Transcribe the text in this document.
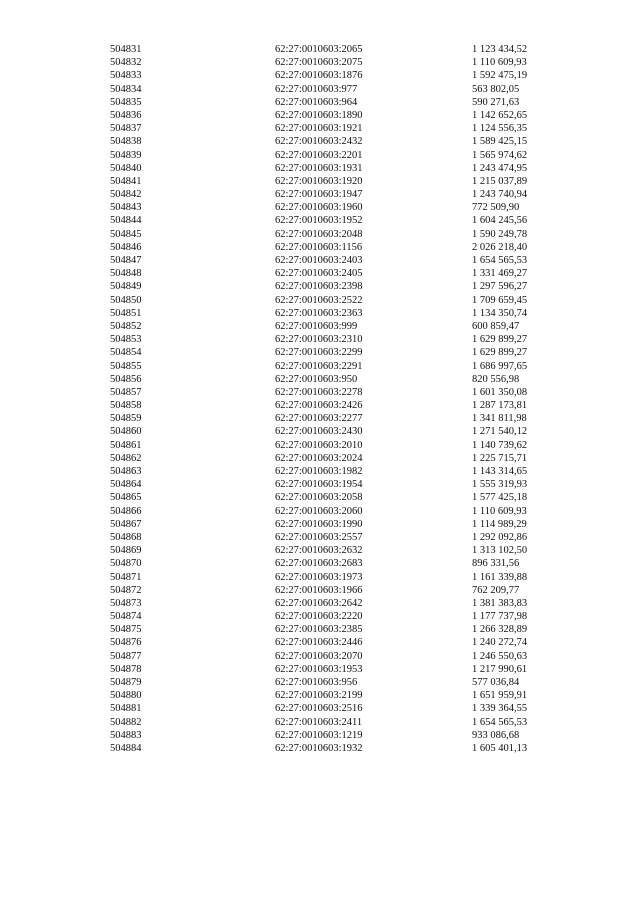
504831	62:27:0010603:2065	1 123 434,52
504832	62:27:0010603:2075	1 110 609,93
504833	62:27:0010603:1876	1 592 475,19
504834	62:27:0010603:977	563 802,05
504835	62:27:0010603:964	590 271,63
504836	62:27:0010603:1890	1 142 652,65
504837	62:27:0010603:1921	1 124 556,35
504838	62:27:0010603:2432	1 589 425,15
504839	62:27:0010603:2201	1 565 974,62
504840	62:27:0010603:1931	1 243 474,95
504841	62:27:0010603:1920	1 215 037,89
504842	62:27:0010603:1947	1 243 740,94
504843	62:27:0010603:1960	772 509,90
504844	62:27:0010603:1952	1 604 245,56
504845	62:27:0010603:2048	1 590 249,78
504846	62:27:0010603:1156	2 026 218,40
504847	62:27:0010603:2403	1 654 565,53
504848	62:27:0010603:2405	1 331 469,27
504849	62:27:0010603:2398	1 297 596,27
504850	62:27:0010603:2522	1 709 659,45
504851	62:27:0010603:2363	1 134 350,74
504852	62:27:0010603:999	600 859,47
504853	62:27:0010603:2310	1 629 899,27
504854	62:27:0010603:2299	1 629 899,27
504855	62:27:0010603:2291	1 686 997,65
504856	62:27:0010603:950	820 556,98
504857	62:27:0010603:2278	1 601 350,08
504858	62:27:0010603:2426	1 287 173,81
504859	62:27:0010603:2277	1 341 811,98
504860	62:27:0010603:2430	1 271 540,12
504861	62:27:0010603:2010	1 140 739,62
504862	62:27:0010603:2024	1 225 715,71
504863	62:27:0010603:1982	1 143 314,65
504864	62:27:0010603:1954	1 555 319,93
504865	62:27:0010603:2058	1 577 425,18
504866	62:27:0010603:2060	1 110 609,93
504867	62:27:0010603:1990	1 114 989,29
504868	62:27:0010603:2557	1 292 092,86
504869	62:27:0010603:2632	1 313 102,50
504870	62:27:0010603:2683	896 331,56
504871	62:27:0010603:1973	1 161 339,88
504872	62:27:0010603:1966	762 209,77
504873	62:27:0010603:2642	1 381 383,83
504874	62:27:0010603:2220	1 177 737,98
504875	62:27:0010603:2385	1 266 328,89
504876	62:27:0010603:2446	1 240 272,74
504877	62:27:0010603:2070	1 246 550,63
504878	62:27:0010603:1953	1 217 990,61
504879	62:27:0010603:956	577 036,84
504880	62:27:0010603:2199	1 651 959,91
504881	62:27:0010603:2516	1 339 364,55
504882	62:27:0010603:2411	1 654 565,53
504883	62:27:0010603:1219	933 086,68
504884	62:27:0010603:1932	1 605 401,13
